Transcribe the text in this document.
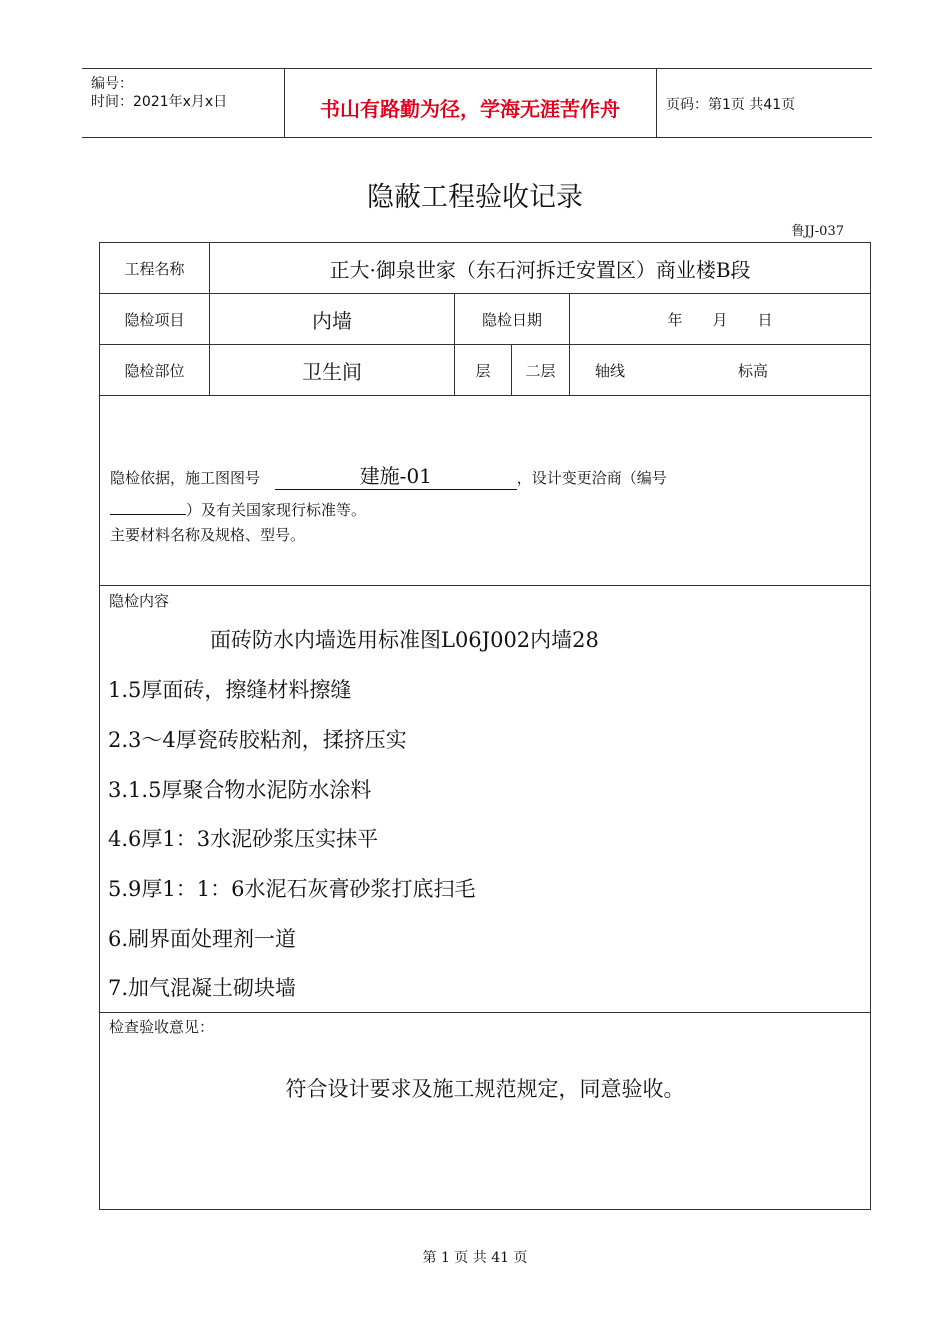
编号：
时间：2021年x月x日	书山有路勤为径，学海无涯苦作舟	页码：第1页 共41页
隐蔽工程验收记录
鲁JJ-037
工程名称	正大·御泉世家（东石河拆迁安置区）商业楼B段
隐检项目	内墙	隐检日期	年　　月　　日
隐检部位	卫生间	层	二层	轴线	标高
隐检依据，施工图图号	建施-01	，设计变更洽商（编号
）及有关国家现行标准等。
主要材料名称及规格、型号。
隐检内容
面砖防水内墙选用标准图L06J002内墙28
1.5厚面砖，擦缝材料擦缝
2.3～4厚瓷砖胶粘剂，揉挤压实
3.1.5厚聚合物水泥防水涂料
4.6厚1：3水泥砂浆压实抹平
5.9厚1：1：6水泥石灰膏砂浆打底扫毛
6.刷界面处理剂一道
7.加气混凝土砌块墙
检查验收意见：
符合设计要求及施工规范规定，同意验收。
第 1 页 共 41 页
